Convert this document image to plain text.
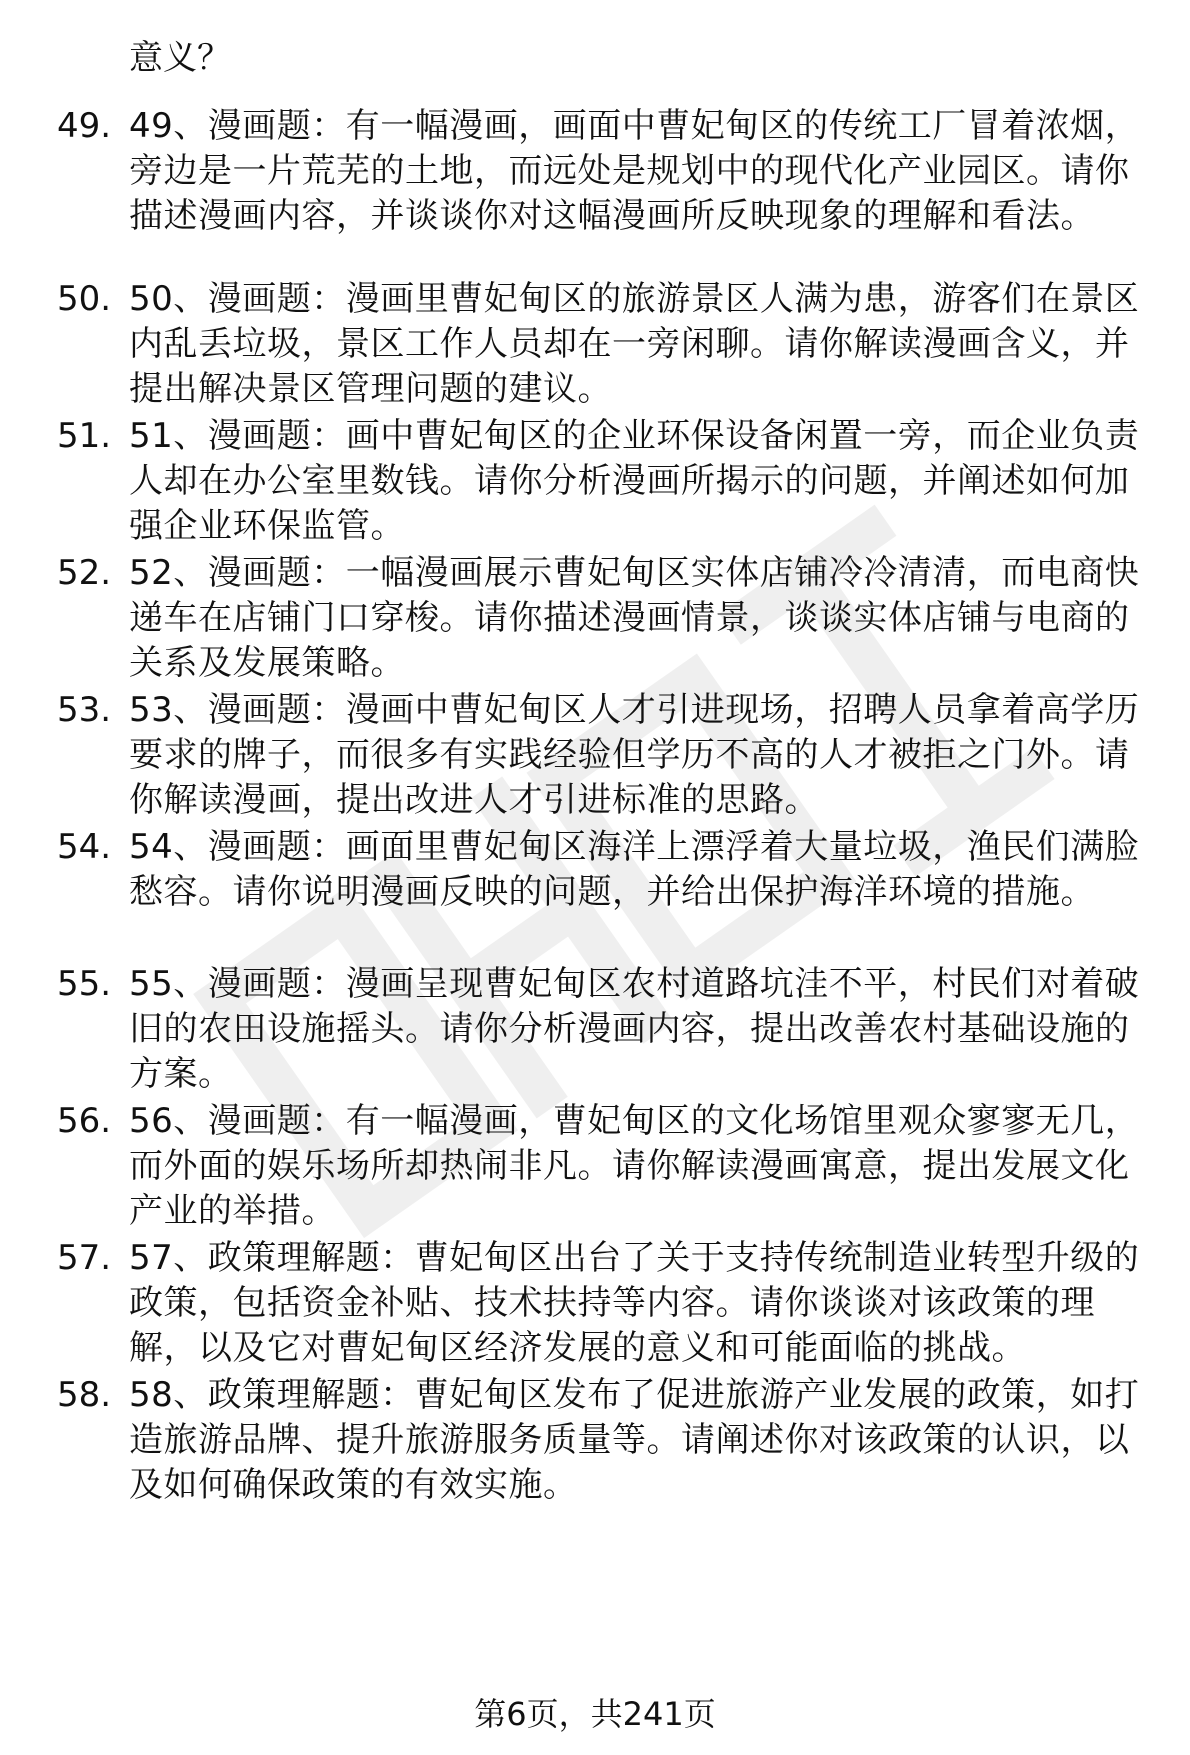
意义？
49. 49、漫画题：有一幅漫画，画面中曹妃甸区的传统工厂冒着浓烟，旁边是一片荒芜的土地，而远处是规划中的现代化产业园区。请你描述漫画内容，并谈谈你对这幅漫画所反映现象的理解和看法。
50. 50、漫画题：漫画里曹妃甸区的旅游景区人满为患，游客们在景区内乱丢垃圾，景区工作人员却在一旁闲聊。请你解读漫画含义，并提出解决景区管理问题的建议。
51. 51、漫画题：画中曹妃甸区的企业环保设备闲置一旁，而企业负责人却在办公室里数钱。请你分析漫画所揭示的问题，并阐述如何加强企业环保监管。
52. 52、漫画题：一幅漫画展示曹妃甸区实体店铺冷冷清清，而电商快递车在店铺门口穿梭。请你描述漫画情景，谈谈实体店铺与电商的关系及发展策略。
53. 53、漫画题：漫画中曹妃甸区人才引进现场，招聘人员拿着高学历要求的牌子，而很多有实践经验但学历不高的人才被拒之门外。请你解读漫画，提出改进人才引进标准的思路。
54. 54、漫画题：画面里曹妃甸区海洋上漂浮着大量垃圾，渔民们满脸愁容。请你说明漫画反映的问题，并给出保护海洋环境的措施。
55. 55、漫画题：漫画呈现曹妃甸区农村道路坑洼不平，村民们对着破旧的农田设施摇头。请你分析漫画内容，提出改善农村基础设施的方案。
56. 56、漫画题：有一幅漫画，曹妃甸区的文化场馆里观众寥寥无几，而外面的娱乐场所却热闹非凡。请你解读漫画寓意，提出发展文化产业的举措。
57. 57、政策理解题：曹妃甸区出台了关于支持传统制造业转型升级的政策，包括资金补贴、技术扶持等内容。请你谈谈对该政策的理解，以及它对曹妃甸区经济发展的意义和可能面临的挑战。
58. 58、政策理解题：曹妃甸区发布了促进旅游产业发展的政策，如打造旅游品牌、提升旅游服务质量等。请阐述你对该政策的认识，以及如何确保政策的有效实施。
第6页，共241页
